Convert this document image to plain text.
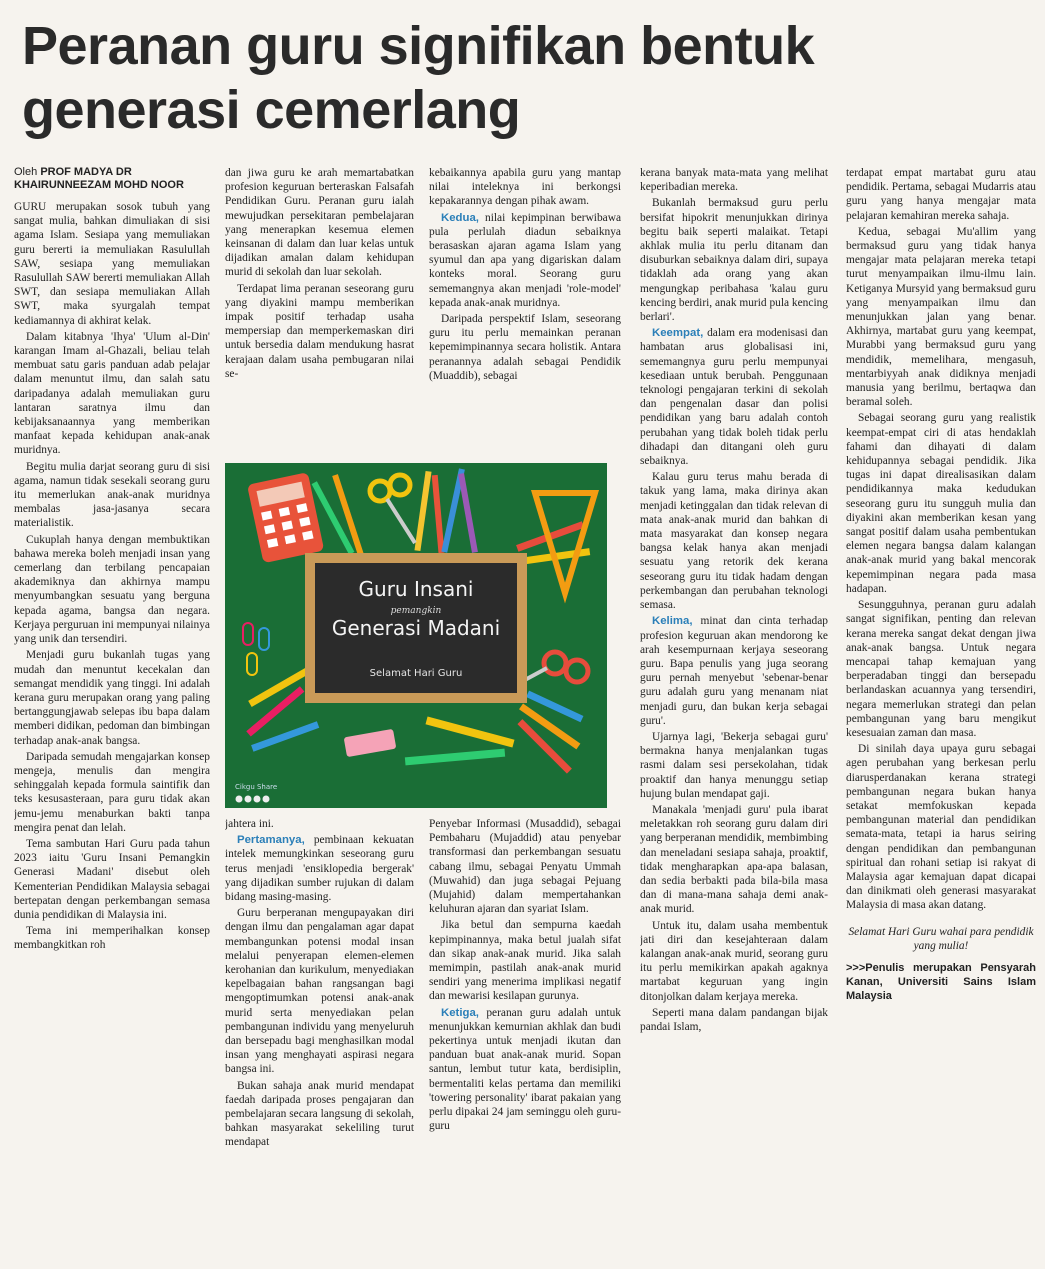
Peranan guru signifikan bentuk generasi cemerlang
Oleh PROF MADYA DR KHAIRUNNEEZAM MOHD NOOR

GURU merupakan sosok tubuh yang sangat mulia, bahkan dimuliakan di sisi agama Islam. Sesiapa yang memuliakan guru bererti ia memuliakan Rasulullah SAW, sesiapa yang memuliakan Rasulullah SAW bererti memuliakan Allah SWT, dan sesiapa memuliakan Allah SWT, maka syurgalah tempat kediamannya di akhirat kelak.

Dalam kitabnya 'Ihya' 'Ulum al-Din' karangan Imam al-Ghazali, beliau telah membuat satu garis panduan adab pelajar dalam menuntut ilmu, dan salah satu daripadanya adalah memuliakan guru lantaran saratnya ilmu dan kebijaksanaannya yang memberikan manfaat kepada kehidupan anak-anak muridnya.

Begitu mulia darjat seorang guru di sisi agama, namun tidak sesekali seorang guru itu memerlukan anak-anak muridnya membalas jasa-jasanya secara materialistik.

Cukuplah hanya dengan membuktikan bahawa mereka boleh menjadi insan yang cemerlang dan terbilang pencapaian akademiknya dan akhirnya mampu menyumbangkan sesuatu yang berguna kepada agama, bangsa dan negara. Kerjaya perguruan ini mempunyai nilainya yang unik dan tersendiri.

Menjadi guru bukanlah tugas yang mudah dan menuntut kecekalan dan semangat mendidik yang tinggi. Ini adalah kerana guru merupakan orang yang paling bertanggungjawab selepas ibu bapa dalam memberi didikan, pedoman dan bimbingan terhadap anak-anak bangsa.

Daripada semudah mengajarkan konsep mengeja, menulis dan mengira sehinggalah kepada formula saintifik dan teks kesusasteraan, para guru tidak akan jemu-jemu menaburkan bakti tanpa mengira penat dan lelah.

Tema sambutan Hari Guru pada tahun 2023 iaitu 'Guru Insani Pemangkin Generasi Madani' disebut oleh Kementerian Pendidikan Malaysia sebagai bertepatan dengan perkembangan semasa dunia pendidikan di Malaysia ini.

Tema ini memperihalkan konsep membangkitkan roh

dan jiwa guru ke arah memartabatkan profesion keguruan berteraskan Falsafah Pendidikan Guru. Peranan guru ialah mewujudkan persekitaran pembelajaran yang menerapkan kesemua elemen keinsanan di dalam dan luar kelas untuk dijadikan amalan dalam kehidupan murid di sekolah dan luar sekolah.

Terdapat lima peranan seseorang guru yang diyakini mampu memberikan impak positif terhadap usaha mempersiap dan memperkemaskan diri untuk bersedia dalam mendukung hasrat kerajaan dalam usaha pembugaran nilai se-

kebaikannya apabila guru yang mantap nilai inteleknya ini berkongsi kepakarannya dengan pihak awam.

Kedua, nilai kepimpinan berwibawa pula perlulah diadun sebaiknya berasaskan ajaran agama Islam yang syumul dan apa yang digariskan dalam konteks moral. Seorang guru sememangnya akan menjadi 'role-model' kepada anak-anak muridnya.

Daripada perspektif Islam, seseorang guru itu perlu memainkan peranan kepemimpinannya secara holistik. Antara peranannya adalah sebagai Pendidik (Muaddib), sebagai

Guru Insani
pemangkin
Generasi Madani
Selamat Hari Guru
Cikgu Share

jahtera ini.

Pertamanya, pembinaan kekuatan intelek memungkinkan seseorang guru terus menjadi 'ensiklopedia bergerak' yang dijadikan sumber rujukan di dalam bidang masing-masing.

Guru berperanan mengupayakan diri dengan ilmu dan pengalaman agar dapat membangunkan potensi modal insan melalui penyerapan elemen-elemen kerohanian dan kurikulum, menyediakan kepelbagaian bahan rangsangan bagi mengoptimumkan potensi anak-anak murid serta menyediakan pelan pembangunan individu yang menyeluruh dan bersepadu bagi menghasilkan modal insan yang menghayati aspirasi negara bangsa ini.

Bukan sahaja anak murid mendapat faedah daripada proses pengajaran dan pembelajaran secara langsung di sekolah, bahkan masyarakat sekeliling turut mendapat

Penyebar Informasi (Musaddid), sebagai Pembaharu (Mujaddid) atau penyebar transformasi dan perkembangan sesuatu cabang ilmu, sebagai Penyatu Ummah (Muwahid) dan juga sebagai Pejuang (Mujahid) dalam mempertahankan keluhuran ajaran dan syariat Islam.

Jika betul dan sempurna kaedah kepimpinannya, maka betul jualah sifat dan sikap anak-anak murid. Jika salah memimpin, pastilah anak-anak murid sendiri yang menerima implikasi negatif dan mewarisi kesilapan gurunya.

Ketiga, peranan guru adalah untuk menunjukkan kemurnian akhlak dan budi pekertinya untuk menjadi ikutan dan panduan buat anak-anak murid. Sopan santun, lembut tutur kata, berdisiplin, bermentaliti kelas pertama dan memiliki 'towering personality' ibarat pakaian yang perlu dipakai 24 jam seminggu oleh guru-guru

kerana banyak mata-mata yang melihat keperibadian mereka.

Bukanlah bermaksud guru perlu bersifat hipokrit menunjukkan dirinya begitu baik seperti malaikat. Tetapi akhlak mulia itu perlu ditanam dan disuburkan sebaiknya dalam diri, supaya tidaklah ada orang yang akan mengungkap peribahasa 'kalau guru kencing berdiri, anak murid pula kencing berlari'.

Keempat, dalam era modenisasi dan hambatan arus globalisasi ini, sememangnya guru perlu mempunyai kesediaan untuk berubah. Penggunaan teknologi pengajaran terkini di sekolah dan pengenalan dasar dan polisi pendidikan yang baru adalah contoh perubahan yang tidak boleh tidak perlu dihadapi dan ditangani oleh guru sebaiknya.

Kalau guru terus mahu berada di takuk yang lama, maka dirinya akan menjadi ketinggalan dan tidak relevan di mata anak-anak murid dan bahkan di mata masyarakat dan konsep negara bangsa kelak hanya akan menjadi sesuatu yang retorik dek kerana seseorang guru itu tidak hadam dengan perkembangan dan perubahan teknologi semasa.

Kelima, minat dan cinta terhadap profesion keguruan akan mendorong ke arah kesempurnaan kerjaya seseorang guru. Bapa penulis yang juga seorang guru pernah menyebut 'sebenar-benar guru adalah guru yang menanam niat menjadi guru, dan bukan kerja sebagai guru'.

Ujarnya lagi, 'Bekerja sebagai guru' bermakna hanya menjalankan tugas rasmi dalam sesi persekolahan, tidak proaktif dan hanya menunggu setiap hujung bulan mendapat gaji.

Manakala 'menjadi guru' pula ibarat meletakkan roh seorang guru dalam diri yang berperanan mendidik, membimbing dan meneladani sesiapa sahaja, proaktif, tidak mengharapkan apa-apa balasan, dan sedia berbakti pada bila-bila masa dan di mana-mana sahaja demi anak-anak murid.

Untuk itu, dalam usaha membentuk jati diri dan kesejahteraan dalam kalangan anak-anak murid, seorang guru itu perlu memikirkan apakah agaknya martabat keguruan yang ingin ditonjolkan dalam kerjaya mereka.

Seperti mana dalam pandangan bijak pandai Islam,

terdapat empat martabat guru atau pendidik. Pertama, sebagai Mudarris atau guru yang hanya mengajar mata pelajaran kemahiran mereka sahaja.

Kedua, sebagai Mu'allim yang bermaksud guru yang tidak hanya mengajar mata pelajaran mereka tetapi turut menyampaikan ilmu-ilmu lain. Ketiganya Mursyid yang bermaksud guru yang menyampaikan ilmu dan menunjukkan jalan yang benar. Akhirnya, martabat guru yang keempat, Murabbi yang bermaksud guru yang mendidik, memelihara, mengasuh, mentarbiyyah anak didiknya menjadi manusia yang berilmu, bertaqwa dan beramal soleh.

Sebagai seorang guru yang realistik keempat-empat ciri di atas hendaklah fahami dan dihayati di dalam kehidupannya sebagai pendidik. Jika tugas ini dapat direalisasikan dalam pendidikannya maka kedudukan seseorang guru itu sungguh mulia dan diyakini akan memberikan kesan yang sangat positif dalam usaha pembentukan elemen negara bangsa dalam kalangan anak-anak murid yang bakal mencorak kepemimpinan negara pada masa hadapan.

Sesungguhnya, peranan guru adalah sangat signifikan, penting dan relevan kerana mereka sangat dekat dengan jiwa anak-anak bangsa. Untuk negara mencapai tahap kemajuan yang berperadaban tinggi dan bersepadu berlandaskan acuannya yang tersendiri, negara memerlukan strategi dan pelan pembangunan yang baru mengikut kesesuaian zaman dan masa.

Di sinilah daya upaya guru sebagai agen perubahan yang berkesan perlu diarusperdanakan kerana strategi pembangunan negara bukan hanya setakat memfokuskan kepada pembangunan material dan pendidikan semata-mata, tetapi ia harus seiring dengan pendidikan dan pembangunan spiritual dan rohani setiap isi rakyat di Malaysia agar kemajuan dapat dicapai dan dinikmati oleh generasi masyarakat Malaysia di masa akan datang.

Selamat Hari Guru wahai para pendidik yang mulia!

>>>Penulis merupakan Pensyarah Kanan, Universiti Sains Islam Malaysia
